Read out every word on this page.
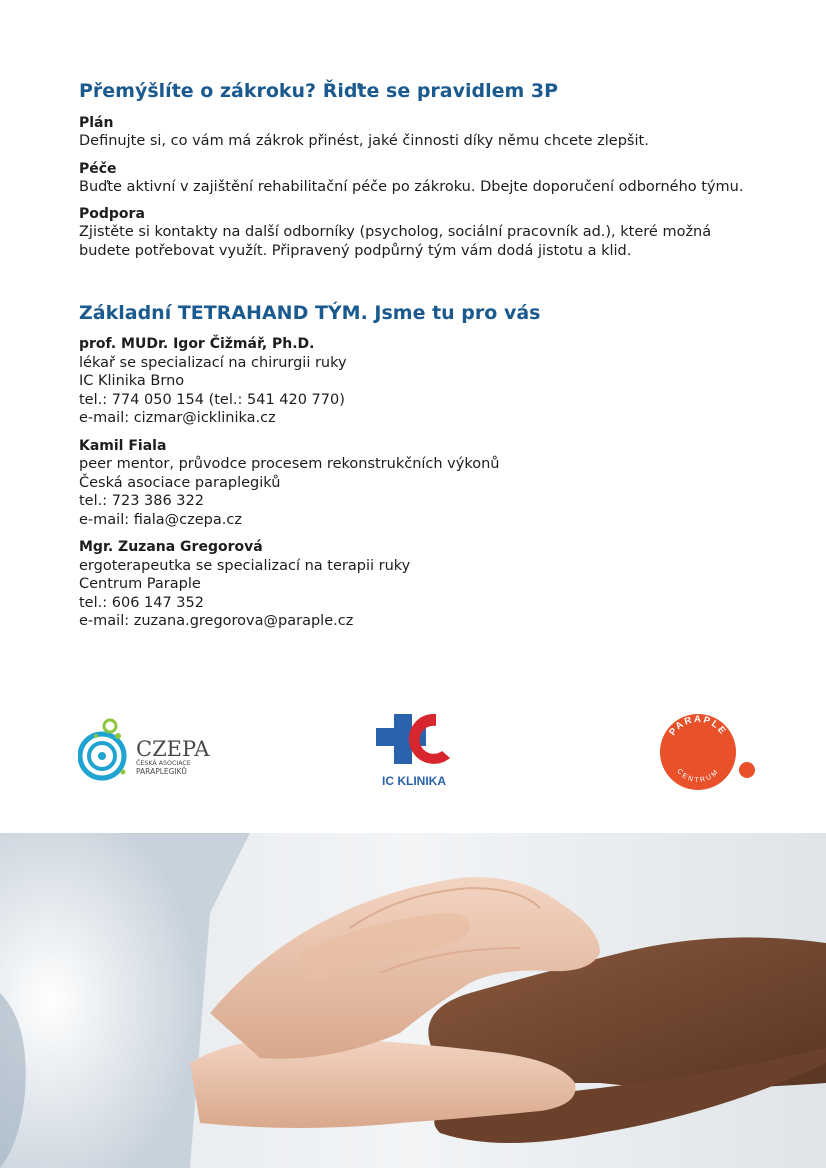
Přemýšlíte o zákroku? Řiďte se pravidlem 3P
Plán
Definujte si, co vám má zákrok přinést, jaké činnosti díky němu chcete zlepšit.
Péče
Buďte aktivní v zajištění rehabilitační péče po zákroku. Dbejte doporučení odborného týmu.
Podpora
Zjistěte si kontakty na další odborníky (psycholog, sociální pracovník ad.), které možná budete potřebovat využít. Připravený podpůrný tým vám dodá jistotu a klid.
Základní TETRAHAND TÝM. Jsme tu pro vás
prof. MUDr. Igor Čižmář, Ph.D.
lékař se specializací na chirurgii ruky
IC Klinika Brno
tel.: 774 050 154 (tel.: 541 420 770)
e-mail: cizmar@icklinika.cz
Kamil Fiala
peer mentor, průvodce procesem rekonstrukčních výkonů
Česká asociace paraplegiků
tel.: 723 386 322
e-mail: fiala@czepa.cz
Mgr. Zuzana Gregorová
ergoterapeutka se specializací na terapii ruky
Centrum Paraple
tel.: 606 147 352
e-mail: zuzana.gregorova@paraple.cz
CZEPA
ČESKÁ ASOCIACE
PARAPLEGIKŮ
IC KLINIKA
PARAPLE
CENTRUM
